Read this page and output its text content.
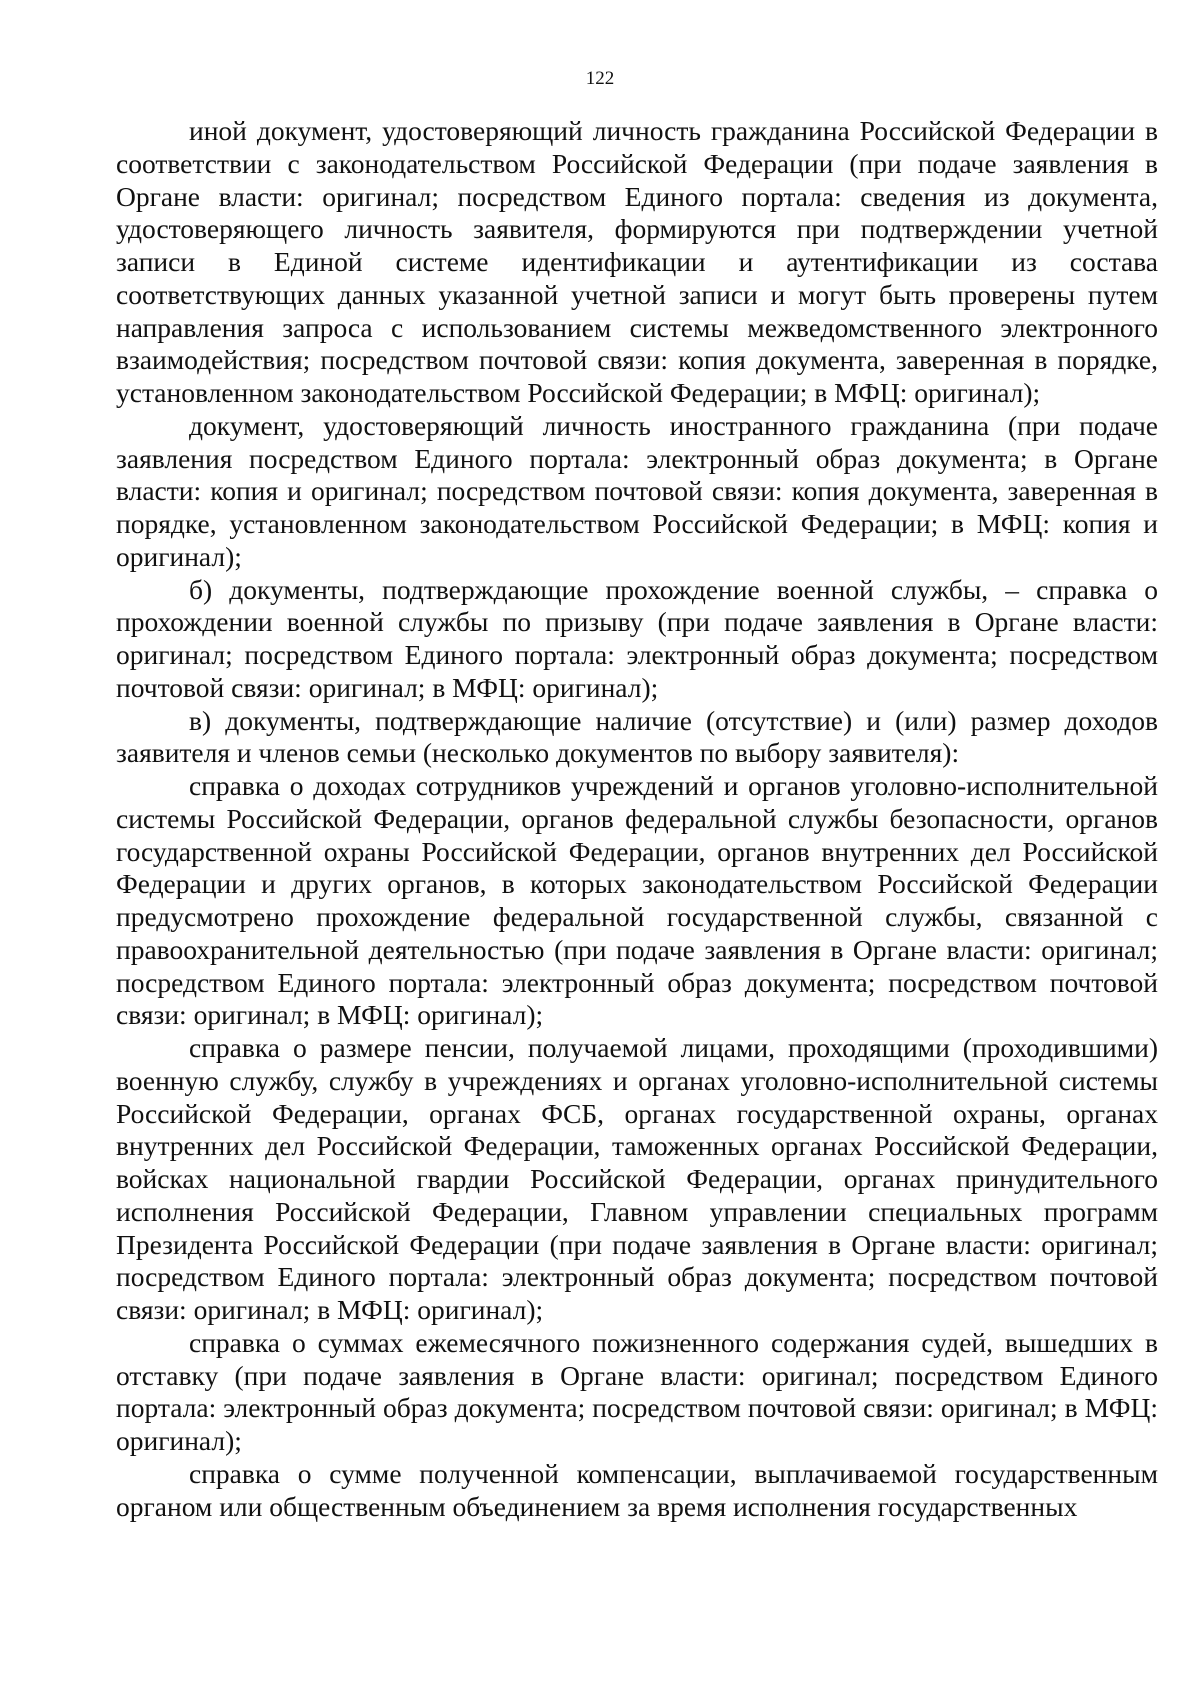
122

иной документ, удостоверяющий личность гражданина Российской Федерации в соответствии с законодательством Российской Федерации (при подаче заявления в Органе власти: оригинал; посредством Единого портала: сведения из документа, удостоверяющего личность заявителя, формируются при подтверждении учетной записи в Единой системе идентификации и аутентификации из состава соответствующих данных указанной учетной записи и могут быть проверены путем направления запроса с использованием системы межведомственного электронного взаимодействия; посредством почтовой связи: копия документа, заверенная в порядке, установленном законодательством Российской Федерации; в МФЦ: оригинал);

документ, удостоверяющий личность иностранного гражданина (при подаче заявления посредством Единого портала: электронный образ документа; в Органе власти: копия и оригинал; посредством почтовой связи: копия документа, заверенная в порядке, установленном законодательством Российской Федерации; в МФЦ: копия и оригинал);

б) документы, подтверждающие прохождение военной службы, – справка о прохождении военной службы по призыву (при подаче заявления в Органе власти: оригинал; посредством Единого портала: электронный образ документа; посредством почтовой связи: оригинал; в МФЦ: оригинал);

в) документы, подтверждающие наличие (отсутствие) и (или) размер доходов заявителя и членов семьи (несколько документов по выбору заявителя):

справка о доходах сотрудников учреждений и органов уголовно-исполнительной системы Российской Федерации, органов федеральной службы безопасности, органов государственной охраны Российской Федерации, органов внутренних дел Российской Федерации и других органов, в которых законодательством Российской Федерации предусмотрено прохождение федеральной государственной службы, связанной с правоохранительной деятельностью (при подаче заявления в Органе власти: оригинал; посредством Единого портала: электронный образ документа; посредством почтовой связи: оригинал; в МФЦ: оригинал);

справка о размере пенсии, получаемой лицами, проходящими (проходившими) военную службу, службу в учреждениях и органах уголовно-исполнительной системы Российской Федерации, органах ФСБ, органах государственной охраны, органах внутренних дел Российской Федерации, таможенных органах Российской Федерации, войсках национальной гвардии Российской Федерации, органах принудительного исполнения Российской Федерации, Главном управлении специальных программ Президента Российской Федерации (при подаче заявления в Органе власти: оригинал; посредством Единого портала: электронный образ документа; посредством почтовой связи: оригинал; в МФЦ: оригинал);

справка о суммах ежемесячного пожизненного содержания судей, вышедших в отставку (при подаче заявления в Органе власти: оригинал; посредством Единого портала: электронный образ документа; посредством почтовой связи: оригинал; в МФЦ: оригинал);

справка о сумме полученной компенсации, выплачиваемой государственным органом или общественным объединением за время исполнения государственных
